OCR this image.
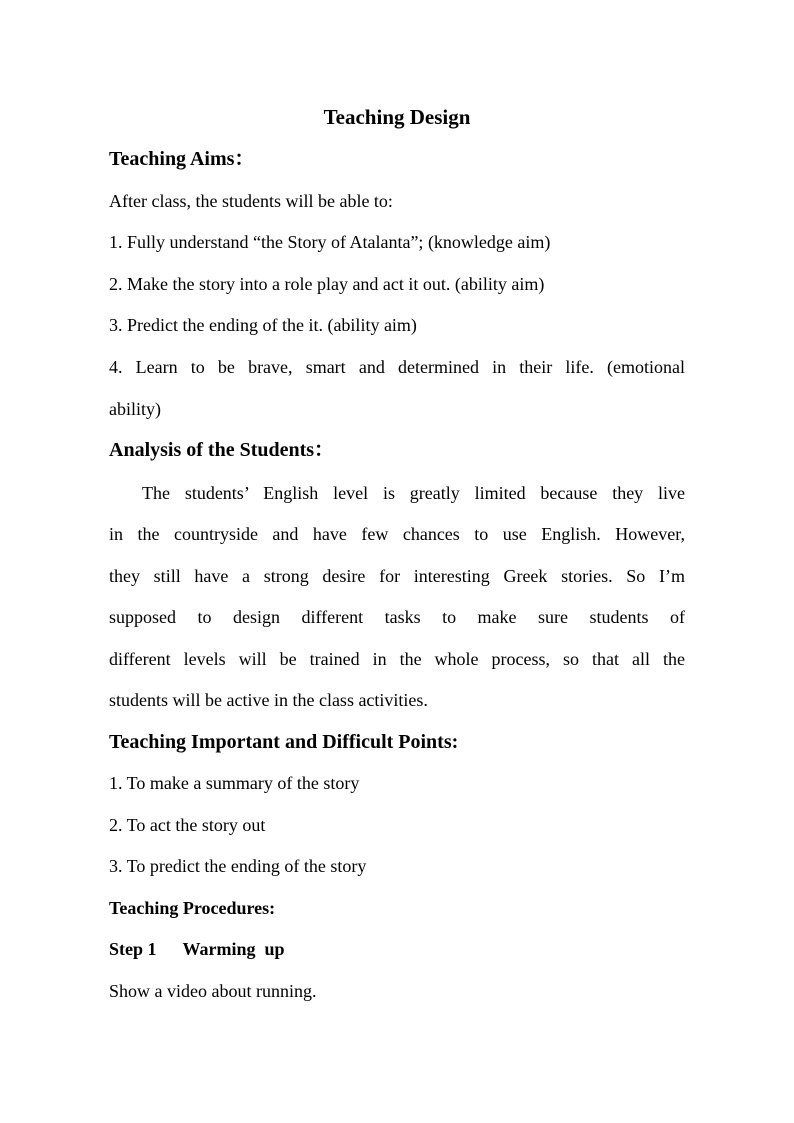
Teaching Design
Teaching Aims：
After class, the students will be able to:
1. Fully understand “the Story of Atalanta”; (knowledge aim)
2. Make the story into a role play and act it out. (ability aim)
3. Predict the ending of the it. (ability aim)
4. Learn to be brave, smart and determined in their life. (emotional
ability)
Analysis of the Students：
The students’ English level is greatly limited because they live
in the countryside and have few chances to use English. However,
they still have a strong desire for interesting Greek stories. So I’m
supposed to design different tasks to make sure students of
different levels will be trained in the whole process, so that all the
students will be active in the class activities.
Teaching Important and Difficult Points:
1. To make a summary of the story
2. To act the story out
3. To predict the ending of the story
Teaching Procedures:
Step 1 Warming  up
Show a video about running.
